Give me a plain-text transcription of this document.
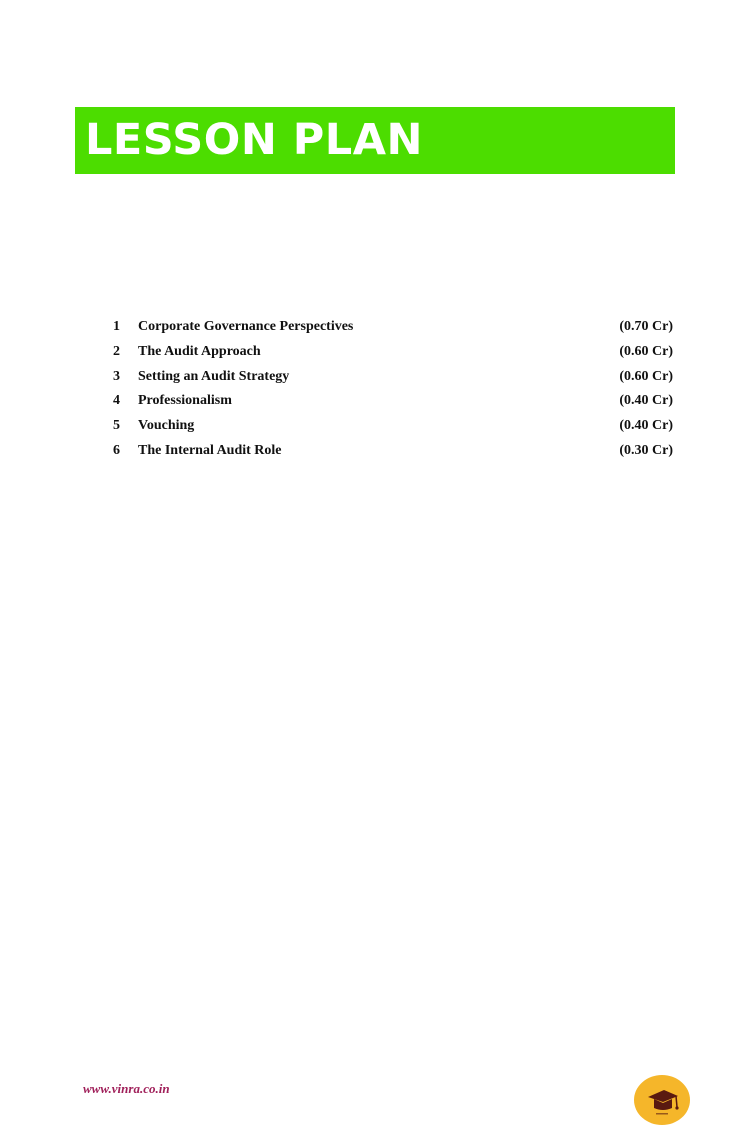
LESSON PLAN
1	Corporate Governance Perspectives	(0.70 Cr)
2	The Audit Approach	(0.60 Cr)
3	Setting an Audit Strategy	(0.60 Cr)
4	Professionalism	(0.40 Cr)
5	Vouching	(0.40 Cr)
6	The Internal Audit Role	(0.30 Cr)
www.vinra.co.in
